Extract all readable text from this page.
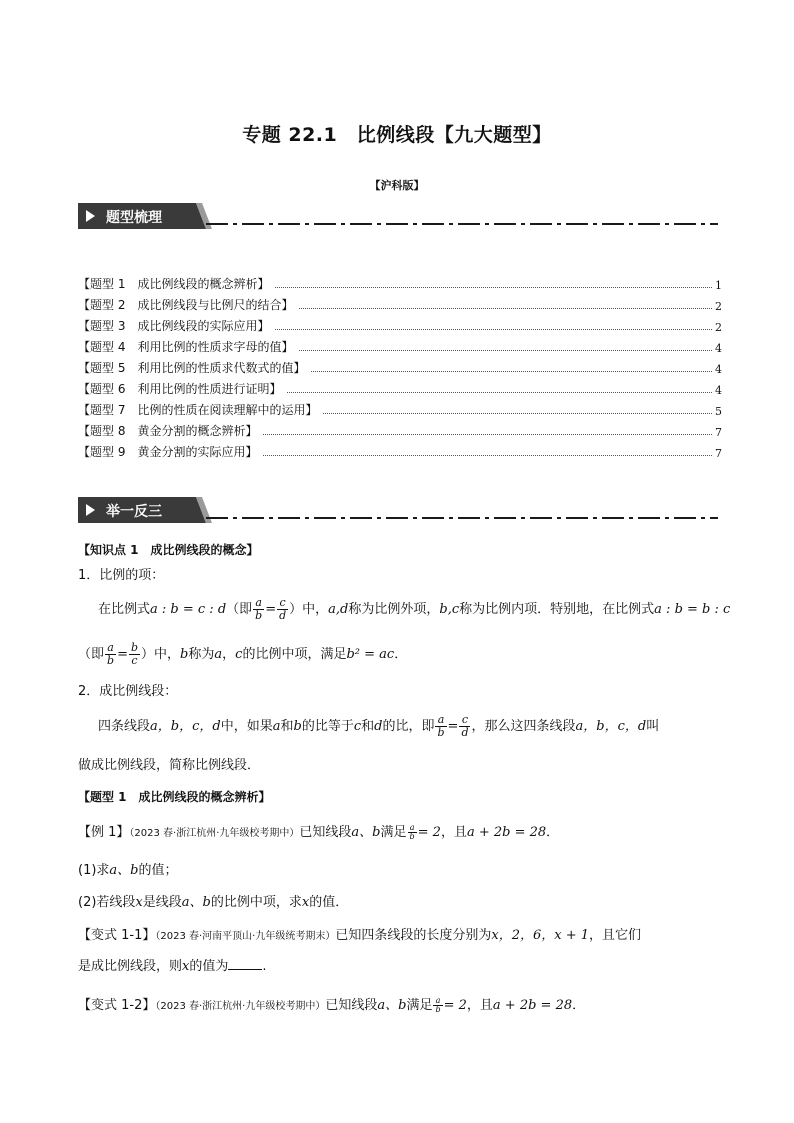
专题 22.1　比例线段【九大题型】
【沪科版】
题型梳理
【题型 1　成比例线段的概念辨析】	1
【题型 2　成比例线段与比例尺的结合】	2
【题型 3　成比例线段的实际应用】	2
【题型 4　利用比例的性质求字母的值】	4
【题型 5　利用比例的性质求代数式的值】	4
【题型 6　利用比例的性质进行证明】	4
【题型 7　比例的性质在阅读理解中的运用】	5
【题型 8　黄金分割的概念辨析】	7
【题型 9　黄金分割的实际应用】	7
举一反三
【知识点 1　成比例线段的概念】
1．比例的项：
在比例式a : b = c : d（即 $\frac{a}{b} = \frac{c}{d}$ ）中，a,d称为比例外项，b,c称为比例内项．特别地，在比例式a : b = b : c
（即 $\frac{a}{b} = \frac{b}{c}$ ）中，b称为a，c的比例中项，满足b² = ac．
2．成比例线段：
四条线段a，b，c，d中，如果a和b的比等于c和d的比，即 $\frac{a}{b} = \frac{c}{d}$ ，那么这四条线段a，b，c，d叫
做成比例线段，简称比例线段．
【题型 1　成比例线段的概念辨析】
【例 1】（2023 春·浙江杭州·九年级校考期中）已知线段a、b满足 $\frac{a}{b} = 2$，且a + 2b = 28．
(1)求a、b的值；
(2)若线段x是线段a、b的比例中项，求x的值．
【变式 1-1】（2023 春·河南平顶山·九年级统考期末）已知四条线段的长度分别为x，2，6，x + 1，且它们
是成比例线段，则x的值为	.
【变式 1-2】（2023 春·浙江杭州·九年级校考期中）已知线段a、b满足 $\frac{a}{b} = 2$，且a + 2b = 28．
